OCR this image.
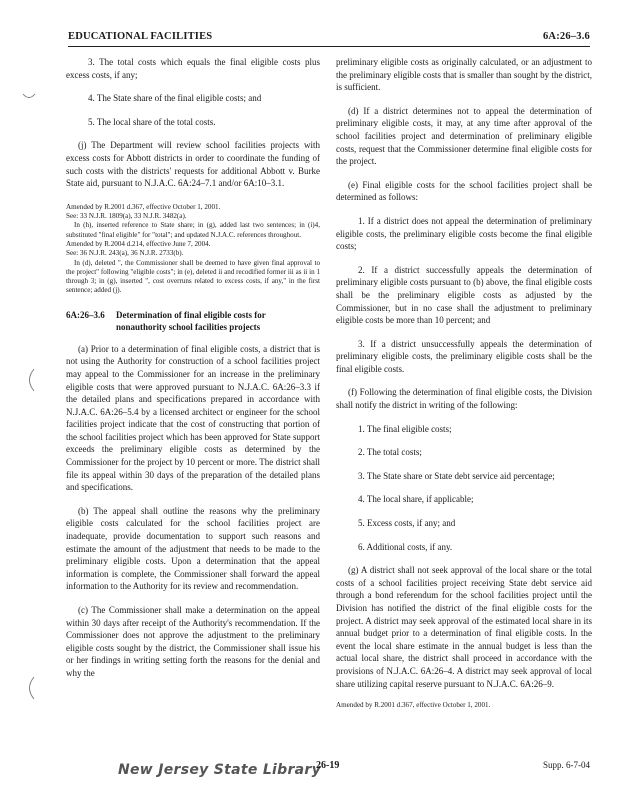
EDUCATIONAL FACILITIES	6A:26–3.6

3. The total costs which equals the final eligible costs plus excess costs, if any;

4. The State share of the final eligible costs; and

5. The local share of the total costs.

(j) The Department will review school facilities projects with excess costs for Abbott districts in order to coordinate the funding of such costs with the districts' requests for additional Abbott v. Burke State aid, pursuant to N.J.A.C. 6A:24–7.1 and/or 6A:10–3.1.

Amended by R.2001 d.367, effective October 1, 2001.
See: 33 N.J.R. 1809(a), 33 N.J.R. 3482(a).
In (h), inserted reference to State share; in (g), added last two sentences; in (i)4, substituted "final eligible" for "total"; and updated N.J.A.C. references throughout.
Amended by R.2004 d.214, effective June 7, 2004.
See: 36 N.J.R. 243(a), 36 N.J.R. 2733(b).
In (d), deleted ", the Commissioner shall be deemed to have given final approval to the project" following "eligible costs"; in (e), deleted ii and recodified former iii as ii in 1 through 3; in (g), inserted ", cost overruns related to excess costs, if any," in the first sentence; added (j).
6A:26–3.6 Determination of final eligible costs for
nonauthority school facilities projects

(a) Prior to a determination of final eligible costs, a district that is not using the Authority for construction of a school facilities project may appeal to the Commissioner for an increase in the preliminary eligible costs that were approved pursuant to N.J.A.C. 6A:26–3.3 if the detailed plans and specifications prepared in accordance with N.J.A.C. 6A:26–5.4 by a licensed architect or engineer for the school facilities project indicate that the cost of constructing that portion of the school facilities project which has been approved for State support exceeds the preliminary eligible costs as determined by the Commissioner for the project by 10 percent or more. The district shall file its appeal within 30 days of the preparation of the detailed plans and specifications.

(b) The appeal shall outline the reasons why the preliminary eligible costs calculated for the school facilities project are inadequate, provide documentation to support such reasons and estimate the amount of the adjustment that needs to be made to the preliminary eligible costs. Upon a determination that the appeal information is complete, the Commissioner shall forward the appeal information to the Authority for its review and recommendation.

(c) The Commissioner shall make a determination on the appeal within 30 days after receipt of the Authority's recommendation. If the Commissioner does not approve the adjustment to the preliminary eligible costs sought by the district, the Commissioner shall issue his or her findings in writing setting forth the reasons for the denial and why the

preliminary eligible costs as originally calculated, or an adjustment to the preliminary eligible costs that is smaller than sought by the district, is sufficient.

(d) If a district determines not to appeal the determination of preliminary eligible costs, it may, at any time after approval of the school facilities project and determination of preliminary eligible costs, request that the Commissioner determine final eligible costs for the project.

(e) Final eligible costs for the school facilities project shall be determined as follows:

1. If a district does not appeal the determination of preliminary eligible costs, the preliminary eligible costs become the final eligible costs;

2. If a district successfully appeals the determination of preliminary eligible costs pursuant to (b) above, the final eligible costs shall be the preliminary eligible costs as adjusted by the Commissioner, but in no case shall the adjustment to preliminary eligible costs be more than 10 percent; and

3. If a district unsuccessfully appeals the determination of preliminary eligible costs, the preliminary eligible costs shall be the final eligible costs.

(f) Following the determination of final eligible costs, the Division shall notify the district in writing of the following:

1. The final eligible costs;

2. The total costs;

3. The State share or State debt service aid percentage;

4. The local share, if applicable;

5. Excess costs, if any; and

6. Additional costs, if any.

(g) A district shall not seek approval of the local share or the total costs of a school facilities project receiving State debt service aid through a bond referendum for the school facilities project until the Division has notified the district of the final eligible costs for the project. A district may seek approval of the estimated local share in its annual budget prior to a determination of final eligible costs. In the event the local share estimate in the annual budget is less than the actual local share, the district shall proceed in accordance with the provisions of N.J.A.C. 6A:26–4. A district may seek approval of local share utilizing capital reserve pursuant to N.J.A.C. 6A:26–9.

Amended by R.2001 d.367, effective October 1, 2001.
New Jersey State Library
26-19	Supp. 6-7-04
